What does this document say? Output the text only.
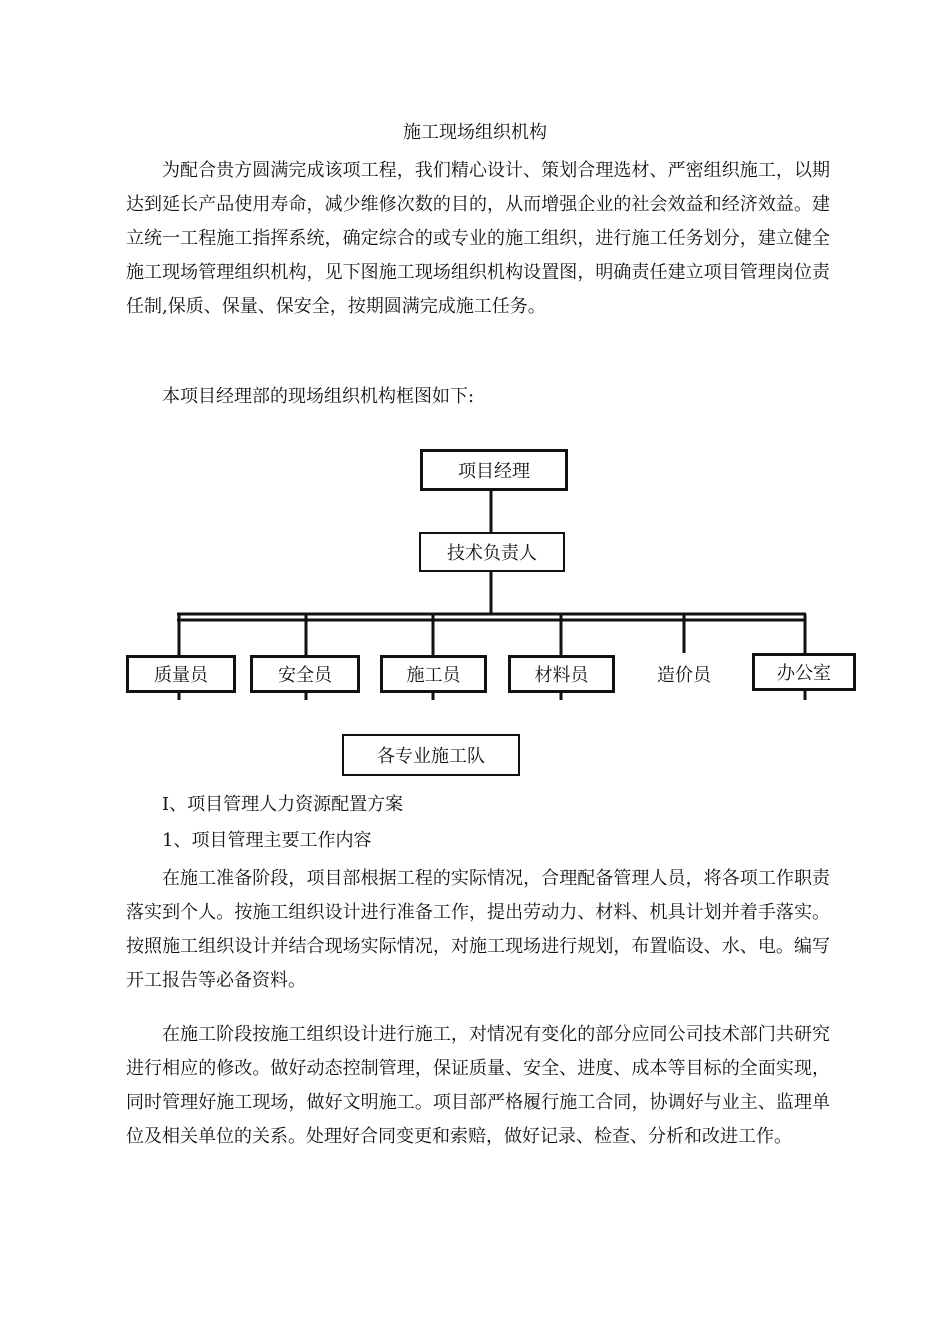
施工现场组织机构

为配合贵方圆满完成该项工程，我们精心设计、策划合理选材、严密组织施工，以期达到延长产品使用寿命，减少维修次数的目的，从而增强企业的社会效益和经济效益。建立统一工程施工指挥系统，确定综合的或专业的施工组织，进行施工任务划分，建立健全施工现场管理组织机构，见下图施工现场组织机构设置图，明确责任建立项目管理岗位责任制,保质、保量、保安全，按期圆满完成施工任务。

本项目经理部的现场组织机构框图如下:

项目经理
技术负责人
质量员	安全员	施工员	材料员	造价员	办公室
各专业施工队

I、项目管理人力资源配置方案

1、项目管理主要工作内容

在施工准备阶段，项目部根据工程的实际情况，合理配备管理人员，将各项工作职责落实到个人。按施工组织设计进行准备工作，提出劳动力、材料、机具计划并着手落实。按照施工组织设计并结合现场实际情况，对施工现场进行规划，布置临设、水、电。编写开工报告等必备资料。

在施工阶段按施工组织设计进行施工，对情况有变化的部分应同公司技术部门共研究进行相应的修改。做好动态控制管理，保证质量、安全、进度、成本等目标的全面实现，同时管理好施工现场，做好文明施工。项目部严格履行施工合同，协调好与业主、监理单位及相关单位的关系。处理好合同变更和索赔，做好记录、检查、分析和改进工作。
